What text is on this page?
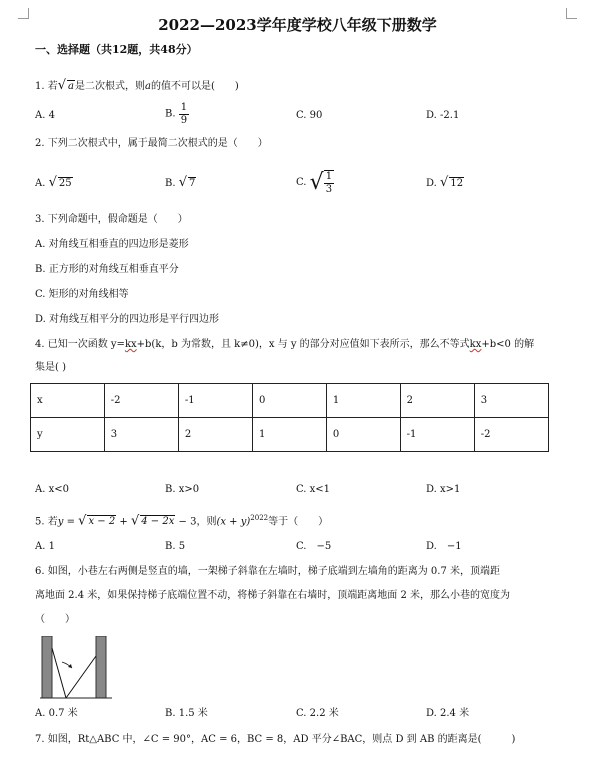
2022—2023学年度学校八年级下册数学
一、选择题（共12题，共48分）
1. 若√ a是二次根式，则a的值不可以是(　　)
A. 4	B. $\frac{1}{9}$	C. 90	D. -2.1
2. 下列二次根式中，属于最简二次根式的是（　　）
A. √ 25	B. √ 7	C. √ $\frac{1}{3}$	D. √ 12
3. 下列命题中，假命题是（　　）
A. 对角线互相垂直的四边形是菱形
B. 正方形的对角线互相垂直平分
C. 矩形的对角线相等
D. 对角线互相平分的四边形是平行四边形
4. 已知一次函数 y=kx+b(k，b 为常数，且 k≠0)，x 与 y 的部分对应值如下表所示，那么不等式kx+b<0 的解
集是( )
x	-2	-1	0	1	2	3
y	3	2	1	0	-1	-2
A. x<0	B. x>0	C. x<1	D. x>1
5. 若y = √ x − 2 + √ 4 − 2x − 3，则$(x + y)^{2022}$等于（　　）
A. 1	B. 5	C.　−5	D.　−1
6. 如图，小巷左右两侧是竖直的墙，一架梯子斜靠在左墙时，梯子底端到左墙角的距离为 0.7 米，顶端距
离地面 2.4 米，如果保持梯子底端位置不动，将梯子斜靠在右墙时，顶端距离地面 2 米，那么小巷的宽度为
（　　）
A. 0.7 米	B. 1.5 米	C. 2.2 米	D. 2.4 米
7. 如图，Rt△ABC 中，∠C = 90°，AC = 6，BC = 8，AD 平分∠BAC，则点 D 到 AB 的距离是(　　　)
